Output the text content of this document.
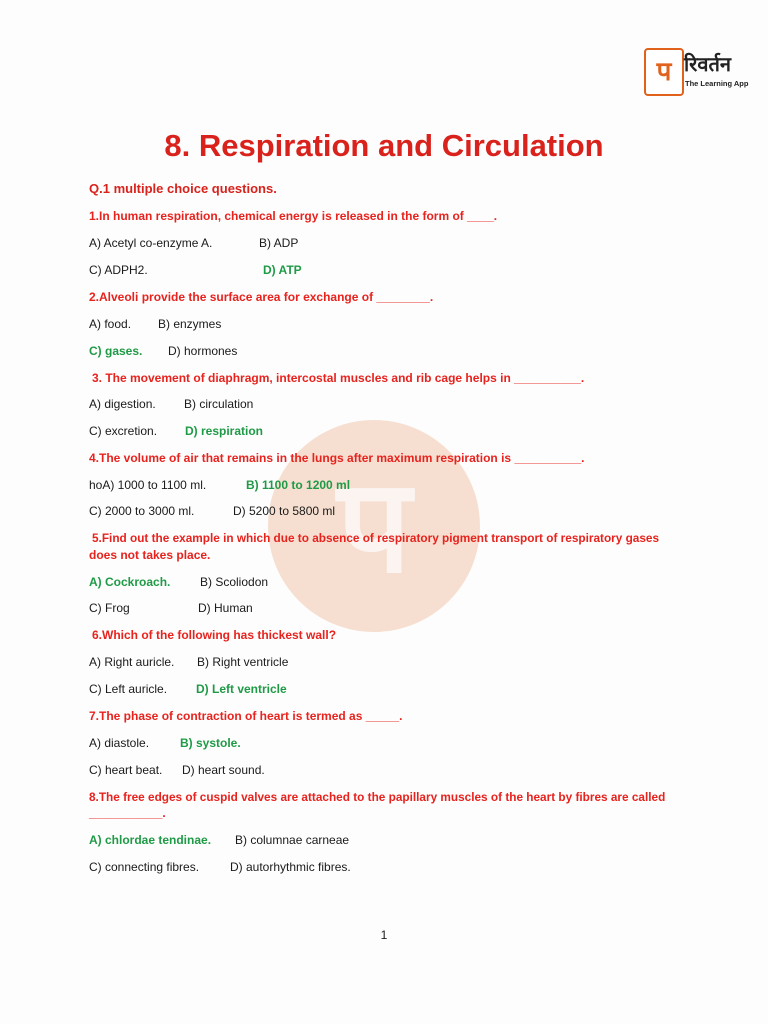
प
प रिवर्तन
The Learning App
8. Respiration and Circulation
Q.1 multiple choice questions.
1.In human respiration, chemical energy is released in the form of ____.
A) Acetyl co-enzyme A.	B) ADP
C) ADPH2.	D) ATP
2.Alveoli provide the surface area for exchange of ________.
A) food. B) enzymes
C) gases. D) hormones
3. The movement of diaphragm, intercostal muscles and rib cage helps in __________.
A) digestion. B) circulation
C) excretion. D) respiration
4.The volume of air that remains in the lungs after maximum respiration is __________.
hoA) 1000 to 1100 ml.	B) 1100 to 1200 ml
C) 2000 to 3000 ml.	D) 5200 to 5800 ml
5.Find out the example in which due to absence of respiratory pigment transport of respiratory gases
does not takes place.
A) Cockroach. B) Scoliodon
C) Frog	D) Human
6.Which of the following has thickest wall?
A) Right auricle. B) Right ventricle
C) Left auricle. D) Left ventricle
7.The phase of contraction of heart is termed as _____.
A) diastole.	B) systole.
C) heart beat. D) heart sound.
8.The free edges of cuspid valves are attached to the papillary muscles of the heart by fibres are called
___________.
A) chlordae tendinae. B) columnae carneae
C) connecting fibres.	D) autorhythmic fibres.
1
